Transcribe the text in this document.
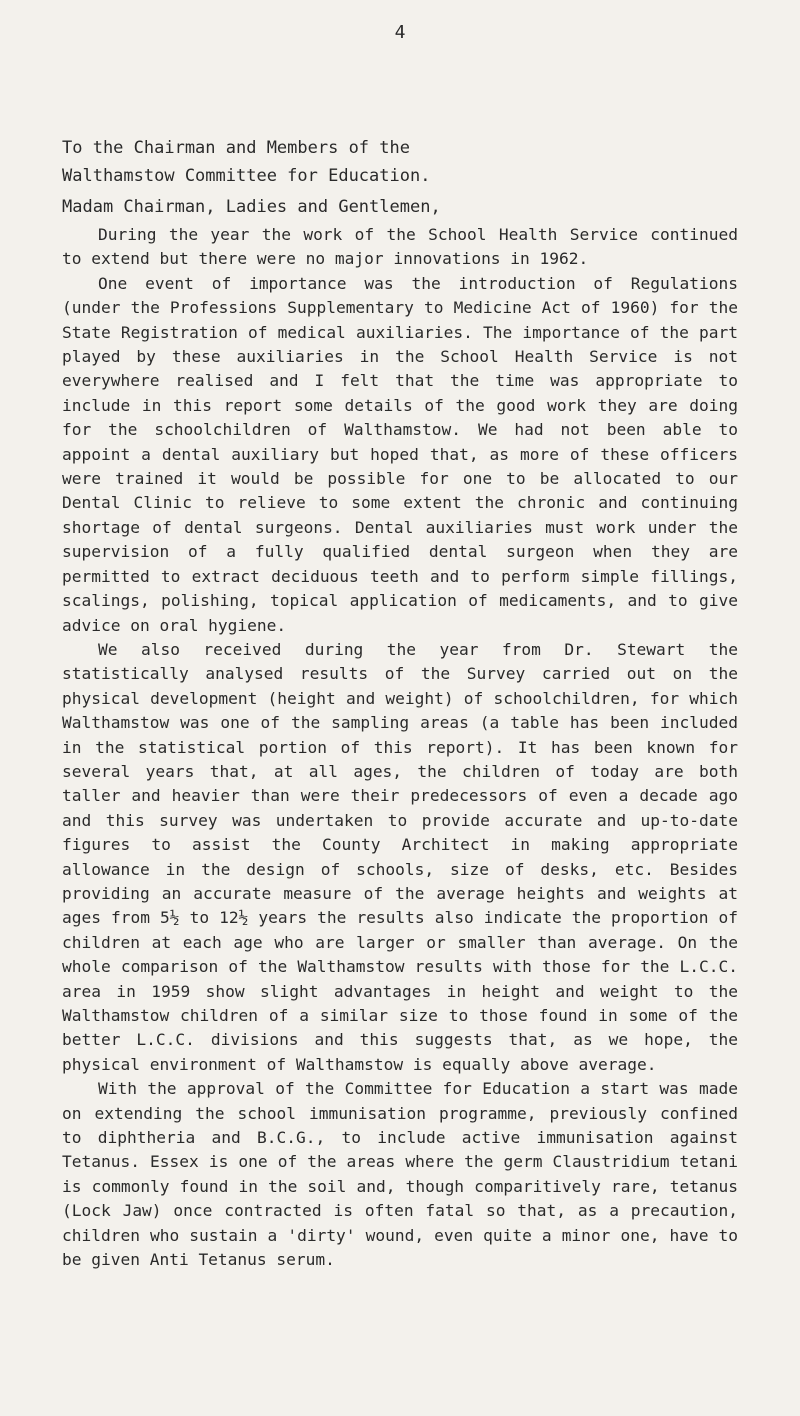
4
To the Chairman and Members of the
Walthamstow Committee for Education.
Madam Chairman, Ladies and Gentlemen,

During the year the work of the School Health Service continued to extend but there were no major innovations in 1962.

One event of importance was the introduction of Regulations (under the Professions Supplementary to Medicine Act of 1960) for the State Registration of medical auxiliaries. The importance of the part played by these auxiliaries in the School Health Service is not everywhere realised and I felt that the time was appropriate to include in this report some details of the good work they are doing for the schoolchildren of Walthamstow. We had not been able to appoint a dental auxiliary but hoped that, as more of these officers were trained it would be possible for one to be allocated to our Dental Clinic to relieve to some extent the chronic and continuing shortage of dental surgeons. Dental auxiliaries must work under the supervision of a fully qualified dental surgeon when they are permitted to extract deciduous teeth and to perform simple fillings, scalings, polishing, topical application of medicaments, and to give advice on oral hygiene.

We also received during the year from Dr. Stewart the statistically analysed results of the Survey carried out on the physical development (height and weight) of schoolchildren, for which Walthamstow was one of the sampling areas (a table has been included in the statistical portion of this report). It has been known for several years that, at all ages, the children of today are both taller and heavier than were their predecessors of even a decade ago and this survey was undertaken to provide accurate and up-to-date figures to assist the County Architect in making appropriate allowance in the design of schools, size of desks, etc. Besides providing an accurate measure of the average heights and weights at ages from 5½ to 12½ years the results also indicate the proportion of children at each age who are larger or smaller than average. On the whole comparison of the Walthamstow results with those for the L.C.C. area in 1959 show slight advantages in height and weight to the Walthamstow children of a similar size to those found in some of the better L.C.C. divisions and this suggests that, as we hope, the physical environment of Walthamstow is equally above average.

With the approval of the Committee for Education a start was made on extending the school immunisation programme, previously confined to diphtheria and B.C.G., to include active immunisation against Tetanus. Essex is one of the areas where the germ Claustridium tetani is commonly found in the soil and, though comparitively rare, tetanus (Lock Jaw) once contracted is often fatal so that, as a precaution, children who sustain a 'dirty' wound, even quite a minor one, have to be given Anti Tetanus serum.
